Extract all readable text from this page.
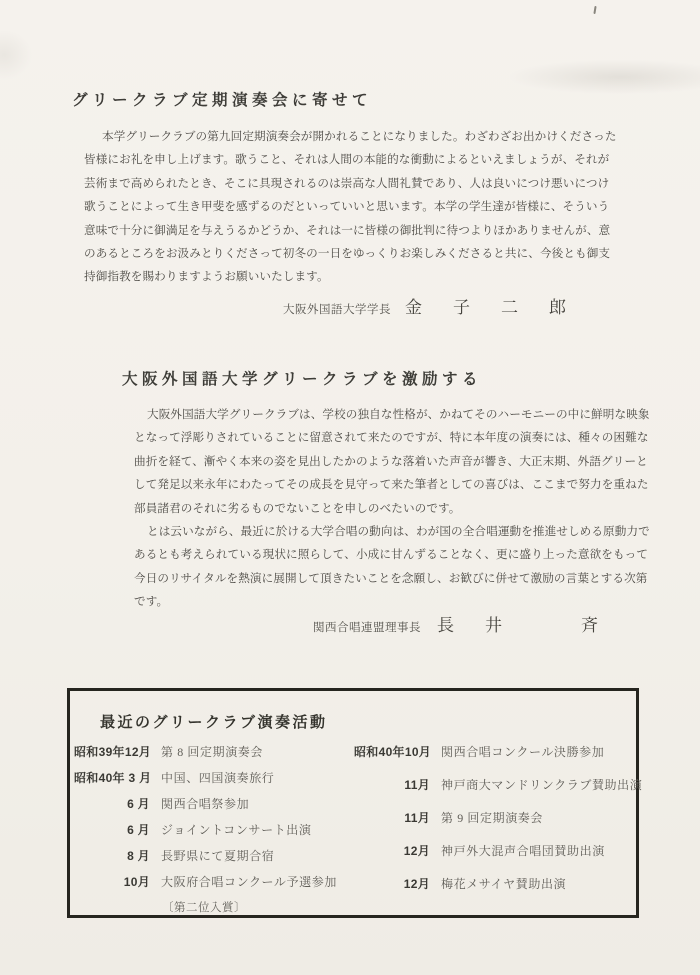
グリークラブ定期演奏会に寄せて
本学グリークラブの第九回定期演奏会が開かれることになりました。わざわざお出かけくださった
皆様にお礼を申し上げます。歌うこと、それは人間の本能的な衝動によるといえましょうが、それが
芸術まで高められたとき、そこに具現されるのは崇高な人間礼賛であり、人は良いにつけ悪いにつけ
歌うことによって生き甲斐を感ずるのだといっていいと思います。本学の学生達が皆様に、そういう
意味で十分に御満足を与えうるかどうか、それは一に皆様の御批判に待つよりほかありませんが、意
のあるところをお汲みとりくださって初冬の一日をゆっくりお楽しみくださると共に、今後とも御支
持御指教を賜わりますようお願いいたします。
大阪外国語大学学長 金　子　二　郎
大阪外国語大学グリークラブを激励する
大阪外国語大学グリークラブは、学校の独自な性格が、かねてそのハーモニーの中に鮮明な映象
となって浮彫りされていることに留意されて来たのですが、特に本年度の演奏には、種々の困難な
曲折を経て、漸やく本来の姿を見出したかのような落着いた声音が響き、大正末期、外語グリーと
して発足以来永年にわたってその成長を見守って来た筆者としての喜びは、ここまで努力を重ねた
部員諸君のそれに劣るものでないことを申しのべたいのです。
とは云いながら、最近に於ける大学合唱の動向は、わが国の全合唱運動を推進せしめる原動力で
あるとも考えられている現状に照らして、小成に甘んずることなく、更に盛り上った意欲をもって
今日のリサイタルを熱演に展開して頂きたいことを念願し、お歓びに併せて激励の言葉とする次第
です。
関西合唱連盟理事長 長　井　　　斉
最近のグリークラブ演奏活動
昭和39年12月 第 8 回定期演奏会
昭和40年 3 月 中国、四国演奏旅行
6 月 関西合唱祭参加
6 月 ジョイントコンサート出演
8 月 長野県にて夏期合宿
10月 大阪府合唱コンクール予選参加
〔第二位入賞〕
昭和40年10月 関西合唱コンクール決勝参加
11月 神戸商大マンドリンクラブ賛助出演
11月 第 9 回定期演奏会
12月 神戸外大混声合唱団賛助出演
12月 梅花メサイヤ賛助出演
